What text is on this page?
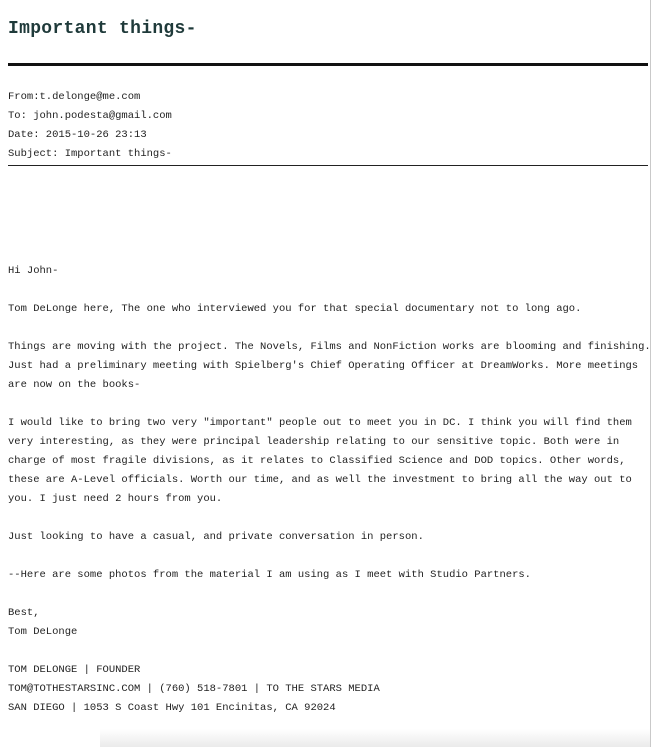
Important things-
From:t.delonge@me.com
To: john.podesta@gmail.com
Date: 2015-10-26 23:13
Subject: Important things-

Hi John-

Tom DeLonge here, The one who interviewed you for that special documentary not to long ago.

Things are moving with the project. The Novels, Films and NonFiction works are blooming and finishing.
Just had a preliminary meeting with Spielberg's Chief Operating Officer at DreamWorks. More meetings
are now on the books-

I would like to bring two very "important" people out to meet you in DC. I think you will find them
very interesting, as they were principal leadership relating to our sensitive topic. Both were in
charge of most fragile divisions, as it relates to Classified Science and DOD topics. Other words,
these are A-Level officials. Worth our time, and as well the investment to bring all the way out to
you. I just need 2 hours from you.

Just looking to have a casual, and private conversation in person.

--Here are some photos from the material I am using as I meet with Studio Partners.

Best,
Tom DeLonge

TOM DELONGE | FOUNDER
TOM@TOTHESTARSINC.COM | (760) 518-7801 | TO THE STARS MEDIA
SAN DIEGO | 1053 S Coast Hwy 101 Encinitas, CA 92024
